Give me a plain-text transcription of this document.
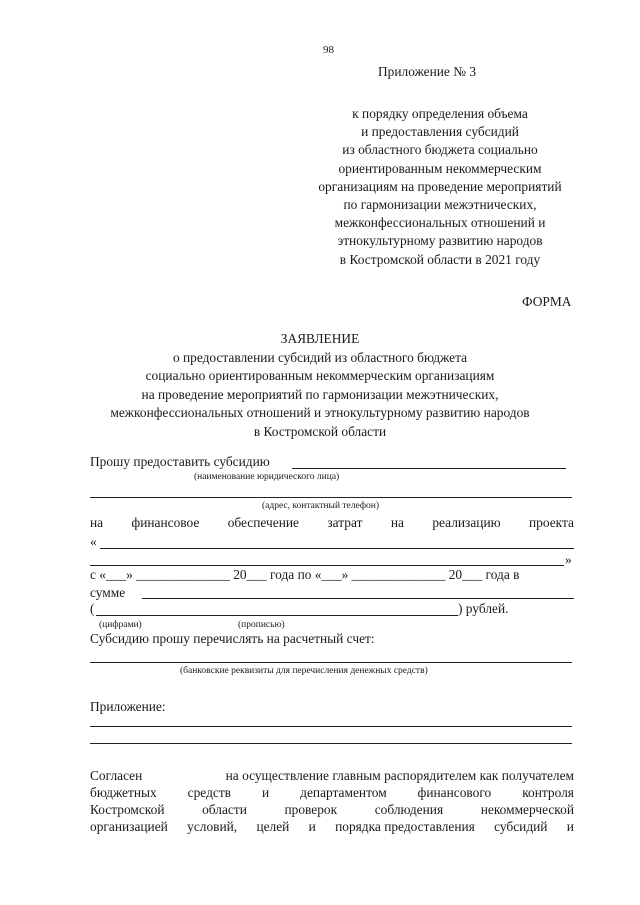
98
Приложение № 3
к порядку определения объема
и предоставления субсидий
из областного бюджета социально
ориентированным некоммерческим
организациям на проведение мероприятий
по гармонизации межэтнических,
межконфессиональных отношений и
этнокультурному развитию народов
в Костромской области в 2021 году
ФОРМА
ЗАЯВЛЕНИЕ
о предоставлении субсидий из областного бюджета
социально ориентированным некоммерческим организациям
на проведение мероприятий по гармонизации межэтнических,
межконфессиональных отношений и этнокультурному развитию народов
в Костромской области
Прошу предоставить субсидию
(наименование юридического лица)
(адрес, контактный телефон)
на финансовое обеспечение затрат на реализацию проекта
«
»
с «___» ______________ 20___ года по «___» ______________ 20___ года в
сумме
(	) рублей.
(цифрами)	(прописью)
Субсидию прошу перечислять на расчетный счет:
(банковские реквизиты для перечисления денежных средств)
Приложение:
Согласен	на осуществление главным распорядителем как получателем
бюджетных средств и департаментом финансового контроля
Костромской	области	проверок	соблюдения	некоммерческой
организацией условий, целей и порядка предоставления субсидий и
